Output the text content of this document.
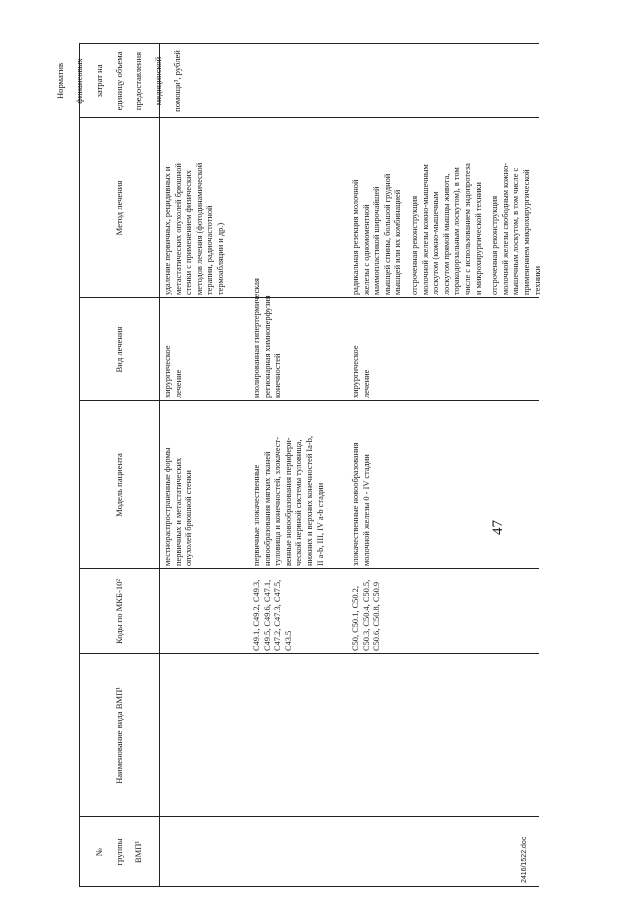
№ группы ВМП¹

Наименование вида ВМП¹

Коды по МКБ-10²

Модель пациента

Вид лечения

Метод лечения

Норматив финансовых затрат на единицу объема предоставления медицинской помощи³, рублей

местнораспространенные формы первичных и метастатических опухолей брюшной стенки

хирургическое лечение

удаление первичных, рецидивных и метастатических опухолей брюшной стенки с применением физических методов лечения (фотодинамической терапии, радиочастотной термоабляции и др.)

C49.1, C49.2, C49.3, C49.5, C49.6, C47.1, C47.2, C47.3, C47.5, C43.5

первичные злокачественные новообразования мягких тканей туловища и конечностей, злокачест- венные новообразования перифери- ческой нервной системы туловища, нижних и верхних конечностей Ia-b, II a-b, III, IV a-b стадии

изолированная гипертермическая регионарная химиоперфузия конечностей

C50, C50.1, C50.2, C50.3, C50.4, C50.5, C50.6, C50.8, C50.9

злокачественные новообразования молочной железы 0 - IV стадии

хирургическое лечение

радикальная резекция молочной железы с одномоментной маммопластикой широчайшей мышцей спины, большой грудной мышцей или их комбинацией отсроченная реконструкция молочной железы кожно-мышечным лоскутом (кожно-мышечным лоскутом прямой мышцы живота, торакодорзальным лоскутом), в том числе с использованием эндопротеза и микрохирургической техники отсроченная реконструкция молочной железы свободным кожно- мышечным лоскутом, в том числе с применением микрохирургической техники

47
2416/1522.doc
